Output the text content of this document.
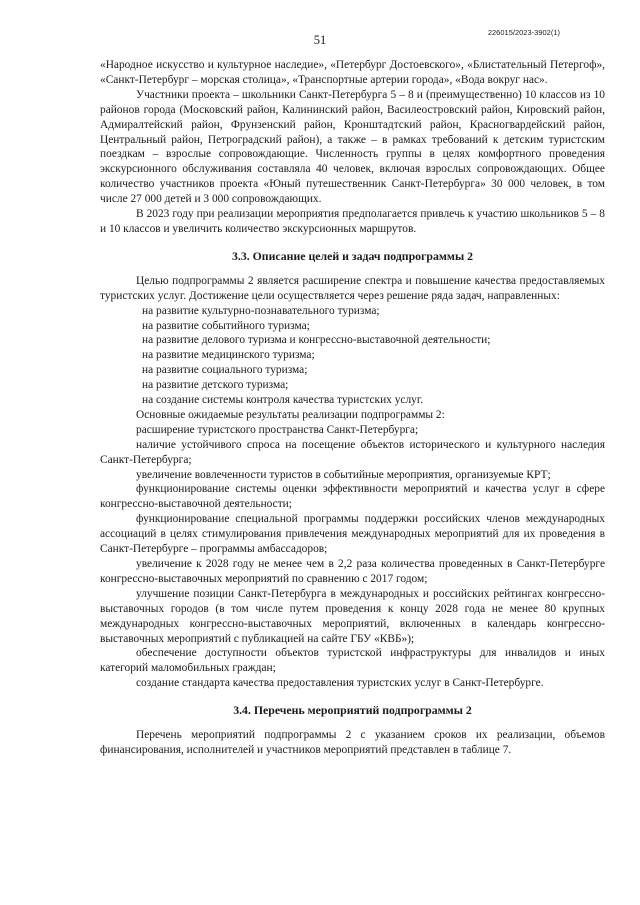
226015/2023-3902(1)
51

«Народное искусство и культурное наследие», «Петербург Достоевского», «Блистательный Петергоф», «Санкт-Петербург – морская столица», «Транспортные артерии города», «Вода вокруг нас».

Участники проекта – школьники Санкт-Петербурга 5 – 8 и (преимущественно) 10 классов из 10 районов города (Московский район, Калининский район, Василеостровский район, Кировский район, Адмиралтейский район, Фрунзенский район, Кронштадтский район, Красногвардейский район, Центральный район, Петроградский район), а также – в рамках требований к детским туристским поездкам – взрослые сопровождающие. Численность группы в целях комфортного проведения экскурсионного обслуживания составляла 40 человек, включая взрослых сопровождающих. Общее количество участников проекта «Юный путешественник Санкт-Петербурга» 30 000 человек, в том числе 27 000 детей и 3 000 сопровождающих.

В 2023 году при реализации мероприятия предполагается привлечь к участию школьников 5 – 8 и 10 классов и увеличить количество экскурсионных маршрутов.

3.3. Описание целей и задач подпрограммы 2

Целью подпрограммы 2 является расширение спектра и повышение качества предоставляемых туристских услуг. Достижение цели осуществляется через решение ряда задач, направленных:

на развитие культурно-познавательного туризма;

на развитие событийного туризма;

на развитие делового туризма и конгрессно-выставочной деятельности;

на развитие медицинского туризма;

на развитие социального туризма;

на развитие детского туризма;

на создание системы контроля качества туристских услуг.

Основные ожидаемые результаты реализации подпрограммы 2:

расширение туристского пространства Санкт-Петербурга;

наличие устойчивого спроса на посещение объектов исторического и культурного наследия Санкт-Петербурга;

увеличение вовлеченности туристов в событийные мероприятия, организуемые КРТ;

функционирование системы оценки эффективности мероприятий и качества услуг в сфере конгрессно-выставочной деятельности;

функционирование специальной программы поддержки российских членов международных ассоциаций в целях стимулирования привлечения международных мероприятий для их проведения в Санкт-Петербурге – программы амбассадоров;

увеличение к 2028 году не менее чем в 2,2 раза количества проведенных в Санкт-Петербурге конгрессно-выставочных мероприятий по сравнению с 2017 годом;

улучшение позиции Санкт-Петербурга в международных и российских рейтингах конгрессно-выставочных городов (в том числе путем проведения к концу 2028 года не менее 80 крупных международных конгрессно-выставочных мероприятий, включенных в календарь конгрессно-выставочных мероприятий с публикацией на сайте ГБУ «КВБ»);

обеспечение доступности объектов туристской инфраструктуры для инвалидов и иных категорий маломобильных граждан;

создание стандарта качества предоставления туристских услуг в Санкт-Петербурге.

3.4. Перечень мероприятий подпрограммы 2

Перечень мероприятий подпрограммы 2 с указанием сроков их реализации, объемов финансирования, исполнителей и участников мероприятий представлен в таблице 7.
